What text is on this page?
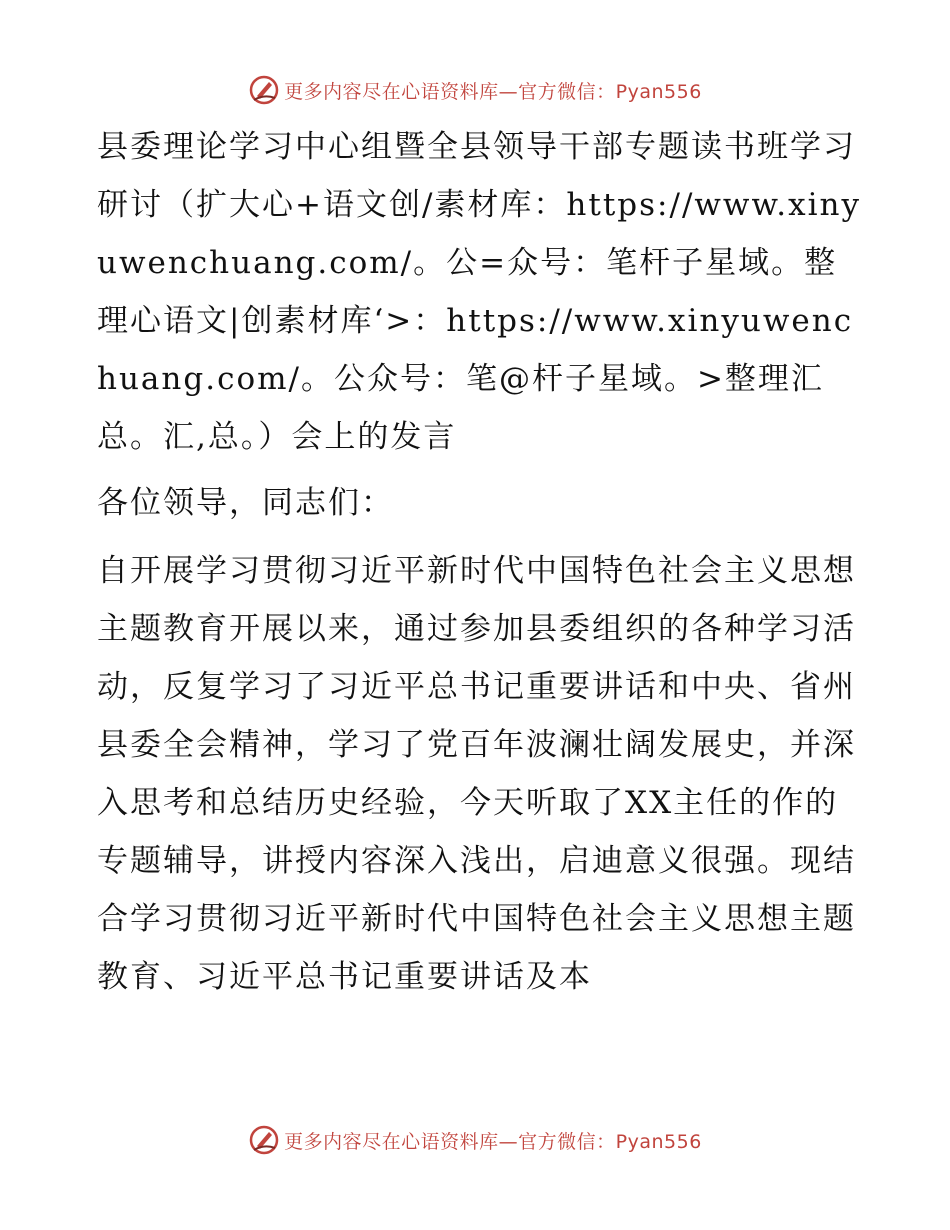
更多内容尽在心语资料库—官方微信：Pyan556

县委理论学习中心组暨全县领导干部专题读书班学习研讨（扩大心+语文创/素材库：https://www.xinyuwenchuang.com/。公=众号：笔杆子星域。整理心语文|创素材库‘>：https://www.xinyuwenchuang.com/。公众号：笔@杆子星域。>整理汇总。汇,总。）会上的发言

各位领导，同志们：

自开展学习贯彻习近平新时代中国特色社会主义思想主题教育开展以来，通过参加县委组织的各种学习活动，反复学习了习近平总书记重要讲话和中央、省州县委全会精神，学习了党百年波澜壮阔发展史，并深入思考和总结历史经验，今天听取了XX主任的作的专题辅导，讲授内容深入浅出，启迪意义很强。现结合学习贯彻习近平新时代中国特色社会主义思想主题教育、习近平总书记重要讲话及本

更多内容尽在心语资料库—官方微信：Pyan556
